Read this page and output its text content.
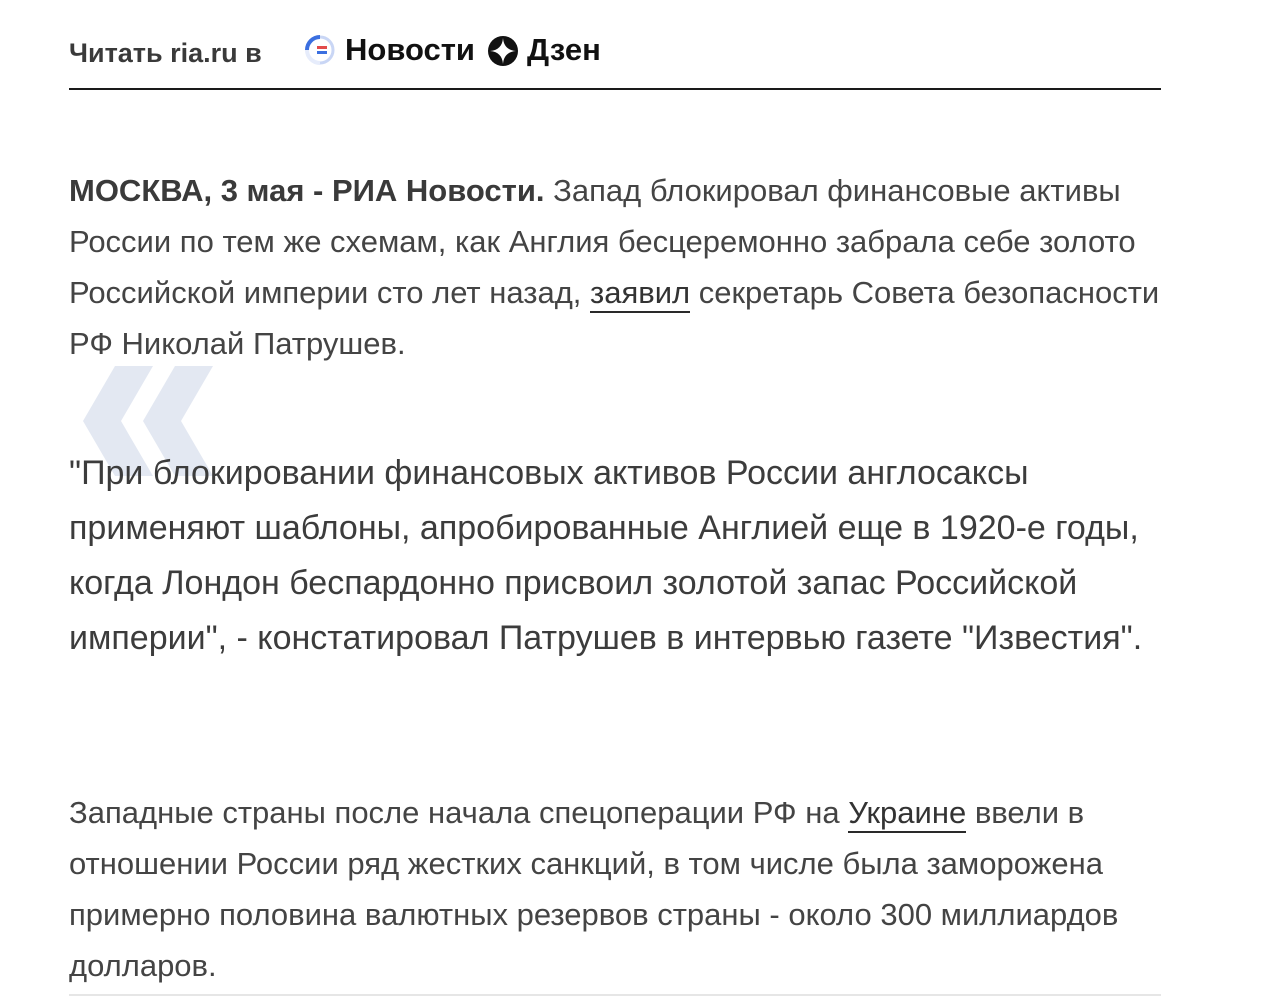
Читать ria.ru в	Новости Дзен

МОСКВА, 3 мая - РИА Новости. Запад блокировал финансовые активы России по тем же схемам, как Англия бесцеремонно забрала себе золото Российской империи сто лет назад, заявил секретарь Совета безопасности РФ Николай Патрушев.

"При блокировании финансовых активов России англосаксы применяют шаблоны, апробированные Англией еще в 1920-е годы, когда Лондон беспардонно присвоил золотой запас Российской империи", - констатировал Патрушев в интервью газете "Известия".

Западные страны после начала спецоперации РФ на Украине ввели в отношении России ряд жестких санкций, в том числе была заморожена примерно половина валютных резервов страны - около 300 миллиардов долларов.
